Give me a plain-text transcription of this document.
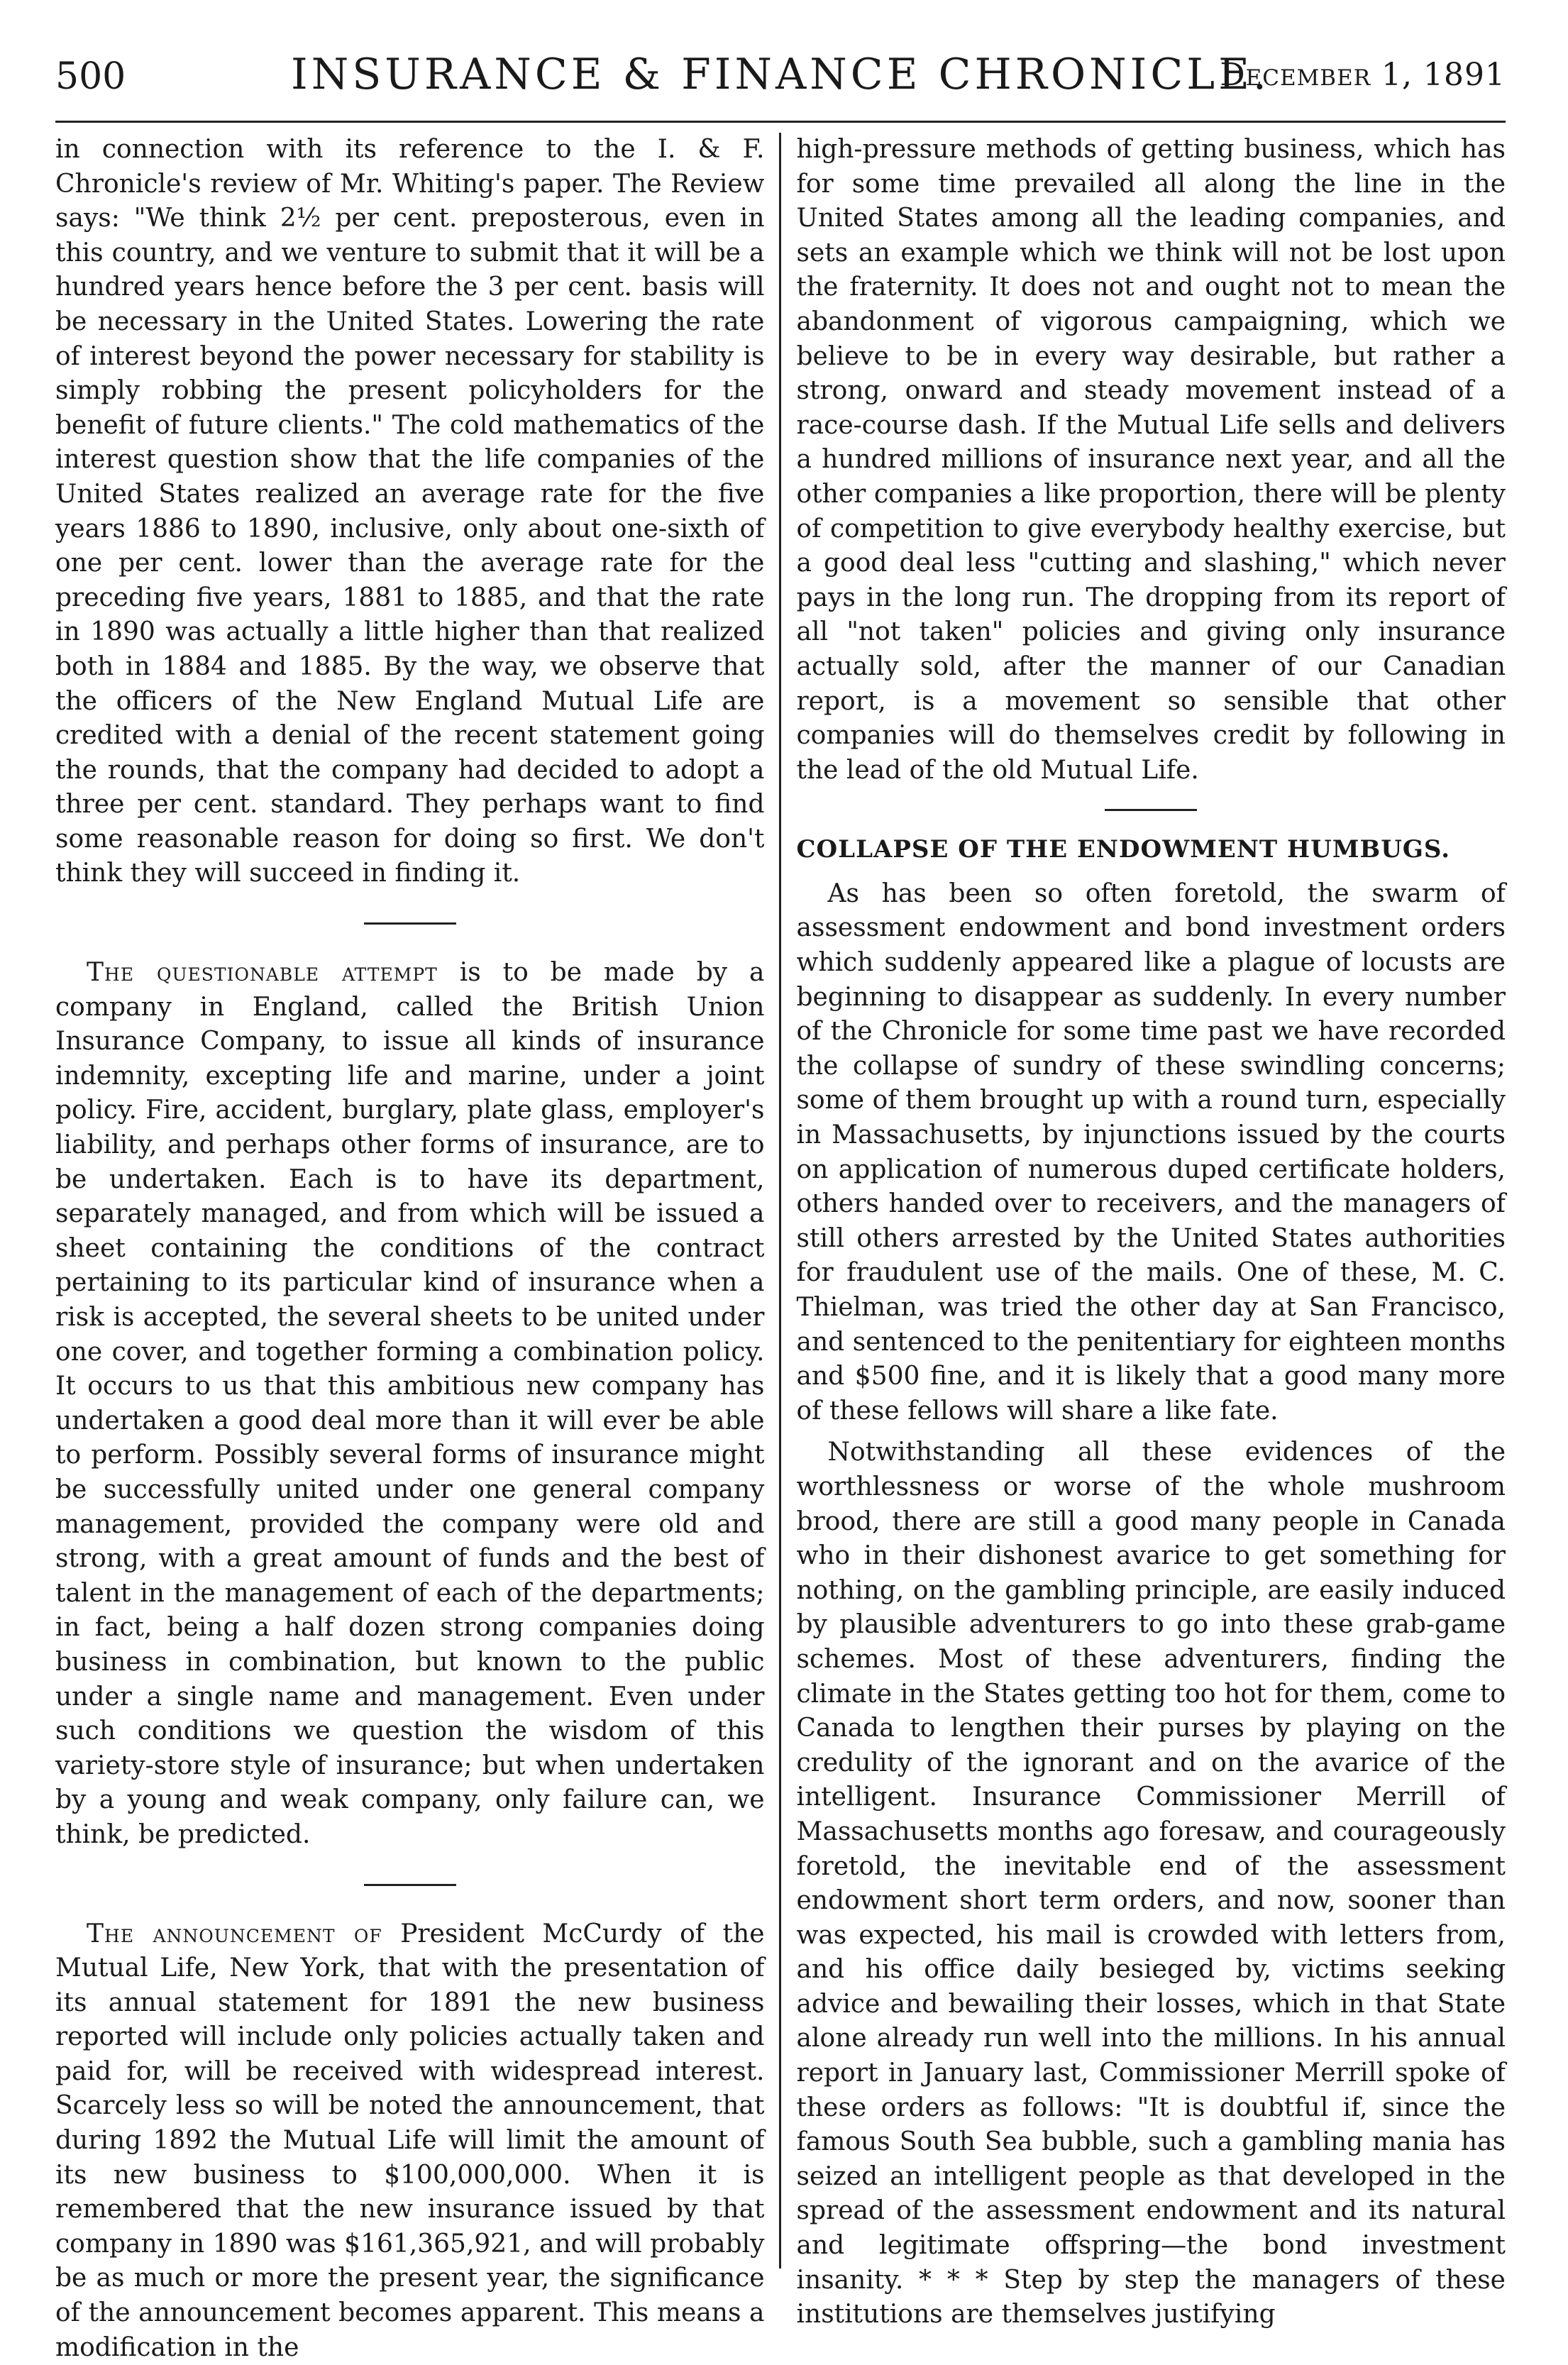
500	INSURANCE & FINANCE CHRONICLE.
December 1, 1891

in connection with its reference to the I. & F. Chronicle's review of Mr. Whiting's paper. The Review says: "We think 2½ per cent. preposterous, even in this country, and we venture to submit that it will be a hundred years hence before the 3 per cent. basis will be necessary in the United States. Lowering the rate of interest beyond the power necessary for stability is simply robbing the present policyholders for the benefit of future clients." The cold mathematics of the interest question show that the life companies of the United States realized an average rate for the five years 1886 to 1890, inclusive, only about one-sixth of one per cent. lower than the average rate for the preceding five years, 1881 to 1885, and that the rate in 1890 was actually a little higher than that realized both in 1884 and 1885. By the way, we observe that the officers of the New England Mutual Life are credited with a denial of the recent statement going the rounds, that the company had decided to adopt a three per cent. standard. They perhaps want to find some reasonable reason for doing so first. We don't think they will succeed in finding it.

The questionable attempt is to be made by a company in England, called the British Union Insurance Company, to issue all kinds of insurance indemnity, excepting life and marine, under a joint policy. Fire, accident, burglary, plate glass, employer's liability, and perhaps other forms of insurance, are to be undertaken. Each is to have its department, separately managed, and from which will be issued a sheet containing the conditions of the contract pertaining to its particular kind of insurance when a risk is accepted, the several sheets to be united under one cover, and together forming a combination policy. It occurs to us that this ambitious new company has undertaken a good deal more than it will ever be able to perform. Possibly several forms of insurance might be successfully united under one general company management, provided the company were old and strong, with a great amount of funds and the best of talent in the management of each of the departments; in fact, being a half dozen strong companies doing business in combination, but known to the public under a single name and management. Even under such conditions we question the wisdom of this variety-store style of insurance; but when undertaken by a young and weak company, only failure can, we think, be predicted.

The announcement of President McCurdy of the Mutual Life, New York, that with the presentation of its annual statement for 1891 the new business reported will include only policies actually taken and paid for, will be received with widespread interest. Scarcely less so will be noted the announcement, that during 1892 the Mutual Life will limit the amount of its new business to $100,000,000. When it is remembered that the new insurance issued by that company in 1890 was $161,365,921, and will probably be as much or more the present year, the significance of the announcement becomes apparent. This means a modification in the

high-pressure methods of getting business, which has for some time prevailed all along the line in the United States among all the leading companies, and sets an example which we think will not be lost upon the fraternity. It does not and ought not to mean the abandonment of vigorous campaigning, which we believe to be in every way desirable, but rather a strong, onward and steady movement instead of a race-course dash. If the Mutual Life sells and delivers a hundred millions of insurance next year, and all the other companies a like proportion, there will be plenty of competition to give everybody healthy exercise, but a good deal less "cutting and slashing," which never pays in the long run. The dropping from its report of all "not taken" policies and giving only insurance actually sold, after the manner of our Canadian report, is a movement so sensible that other companies will do themselves credit by following in the lead of the old Mutual Life.

COLLAPSE OF THE ENDOWMENT HUMBUGS.

As has been so often foretold, the swarm of assessment endowment and bond investment orders which suddenly appeared like a plague of locusts are beginning to disappear as suddenly. In every number of the Chronicle for some time past we have recorded the collapse of sundry of these swindling concerns; some of them brought up with a round turn, especially in Massachusetts, by injunctions issued by the courts on application of numerous duped certificate holders, others handed over to receivers, and the managers of still others arrested by the United States authorities for fraudulent use of the mails. One of these, M. C. Thielman, was tried the other day at San Francisco, and sentenced to the penitentiary for eighteen months and $500 fine, and it is likely that a good many more of these fellows will share a like fate.

Notwithstanding all these evidences of the worthlessness or worse of the whole mushroom brood, there are still a good many people in Canada who in their dishonest avarice to get something for nothing, on the gambling principle, are easily induced by plausible adventurers to go into these grab-game schemes. Most of these adventurers, finding the climate in the States getting too hot for them, come to Canada to lengthen their purses by playing on the credulity of the ignorant and on the avarice of the intelligent. Insurance Commissioner Merrill of Massachusetts months ago foresaw, and courageously foretold, the inevitable end of the assessment endowment short term orders, and now, sooner than was expected, his mail is crowded with letters from, and his office daily besieged by, victims seeking advice and bewailing their losses, which in that State alone already run well into the millions. In his annual report in January last, Commissioner Merrill spoke of these orders as follows: "It is doubtful if, since the famous South Sea bubble, such a gambling mania has seized an intelligent people as that developed in the spread of the assessment endowment and its natural and legitimate offspring—the bond investment insanity. * * * Step by step the managers of these institutions are themselves justifying
